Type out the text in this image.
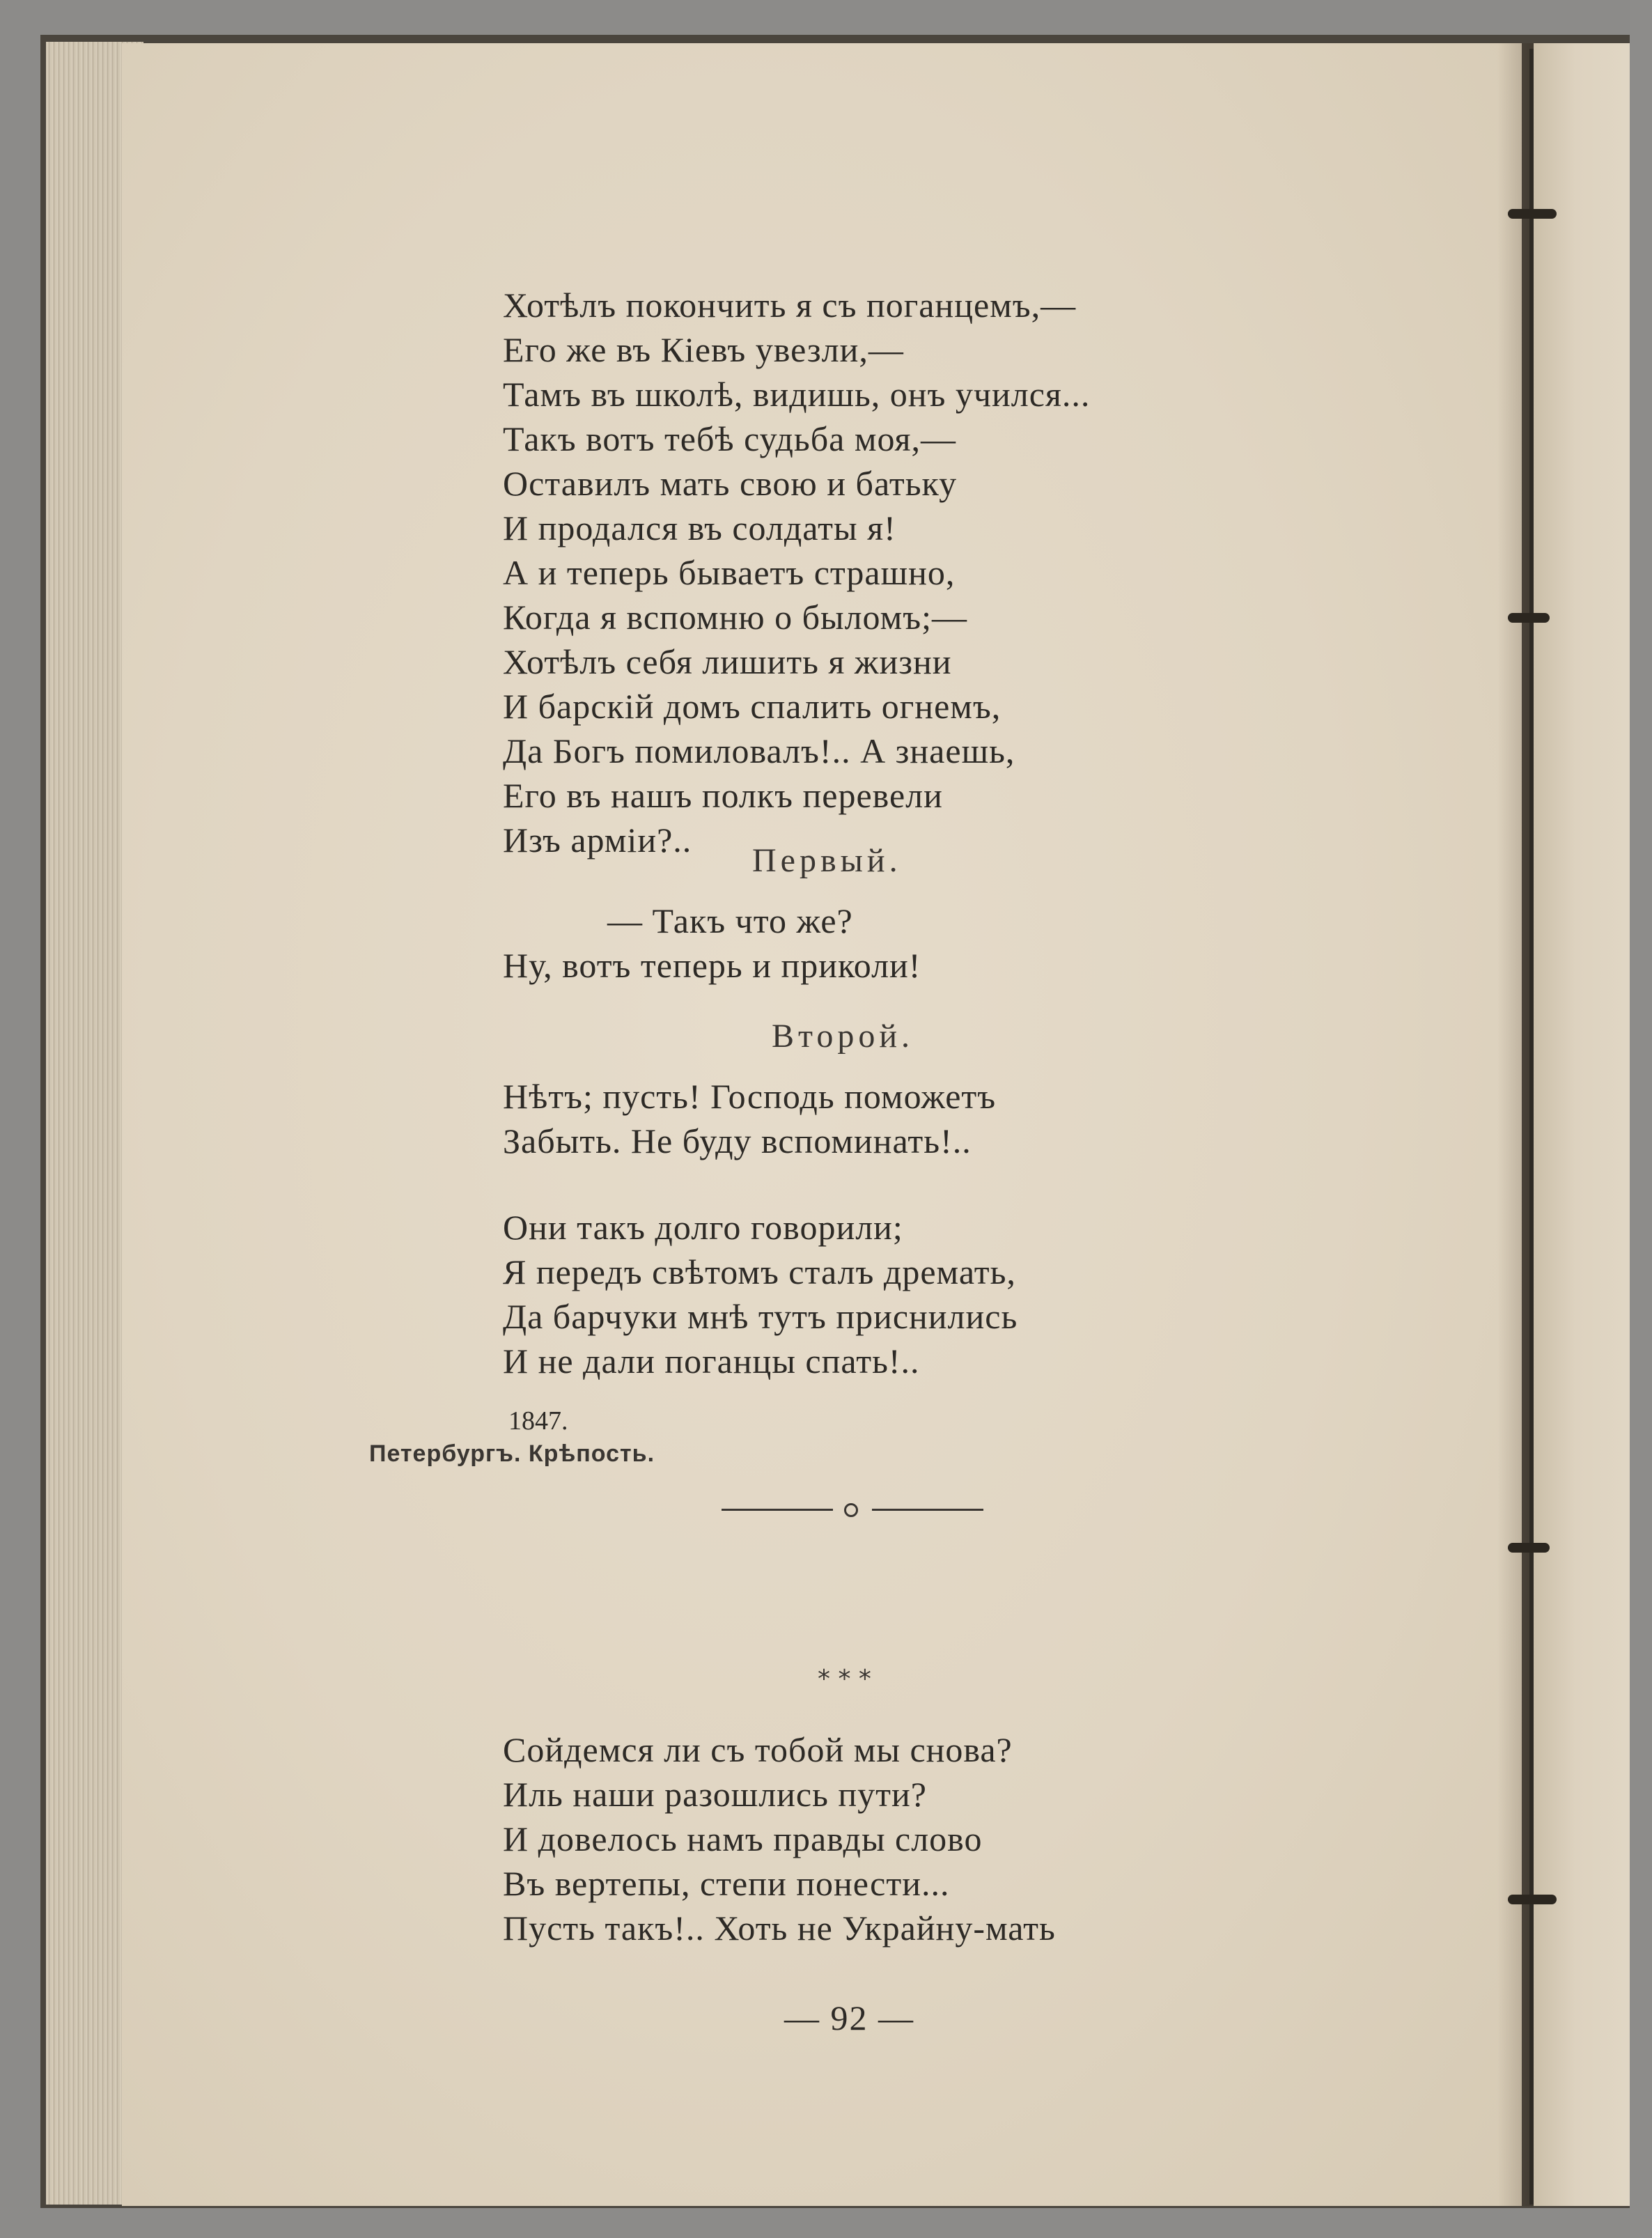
Хотѣлъ покончить я съ поганцемъ,—
Его же въ Кіевъ увезли,—
Тамъ въ школѣ, видишь, онъ учился...
Такъ вотъ тебѣ судьба моя,—
Оставилъ мать свою и батьку
И продался въ солдаты я!
А и теперь бываетъ страшно,
Когда я вспомню о быломъ;—
Хотѣлъ себя лишить я жизни
И барскій домъ спалить огнемъ,
Да Богъ помиловалъ!.. А знаешь,
Его въ нашъ полкъ перевели
Изъ арміи?..
Первый.
— Такъ что же?
Ну, вотъ теперь и приколи!
Второй.
Нѣтъ; пусть! Господь поможетъ
Забыть. Не буду вспоминать!..
Они такъ долго говорили;
Я передъ свѣтомъ сталъ дремать,
Да барчуки мнѣ тутъ приснились
И не дали поганцы спать!..
1847.
Петербургъ. Крѣпость.
* * *
Сойдемся ли съ тобой мы снова?
Иль наши разошлись пути?
И довелось намъ правды слово
Въ вертепы, степи понести...
Пусть такъ!.. Хоть не Украйну-мать
— 92 —
